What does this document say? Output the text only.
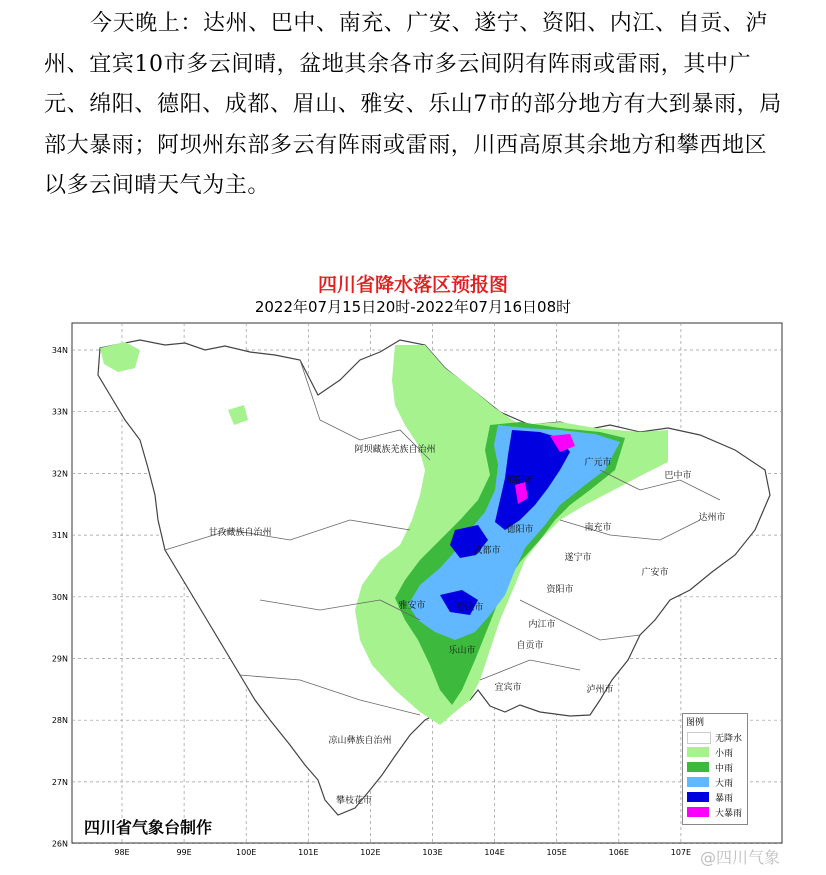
今天晚上：达州、巴中、南充、广安、遂宁、资阳、内江、自贡、泸州、宜宾10市多云间晴，盆地其余各市多云间阴有阵雨或雷雨，其中广元、绵阳、德阳、成都、眉山、雅安、乐山7市的部分地方有大到暴雨，局部大暴雨；阿坝州东部多云有阵雨或雷雨，川西高原其余地方和攀西地区以多云间晴天气为主。

四川省降水落区预报图
2022年07月15日20时-2022年07月16日08时
34N
33N
32N
31N
30N
29N
28N
27N
26N
98E	99E	100E	101E	102E	103E	104E	105E	106E	107E
阿坝藏族羌族自治州
甘孜藏族自治州
凉山彝族自治州
攀枝花市
广元市
巴中市
达州市
绵阳市
德阳市	南充市
成都市
遂宁市
广安市
资阳市
雅安市	眉山市
乐山市
内江市
自贡市
宜宾市	泸州市
四川省气象台制作
图例
无降水
小雨
中雨
大雨
暴雨
大暴雨
@四川气象
